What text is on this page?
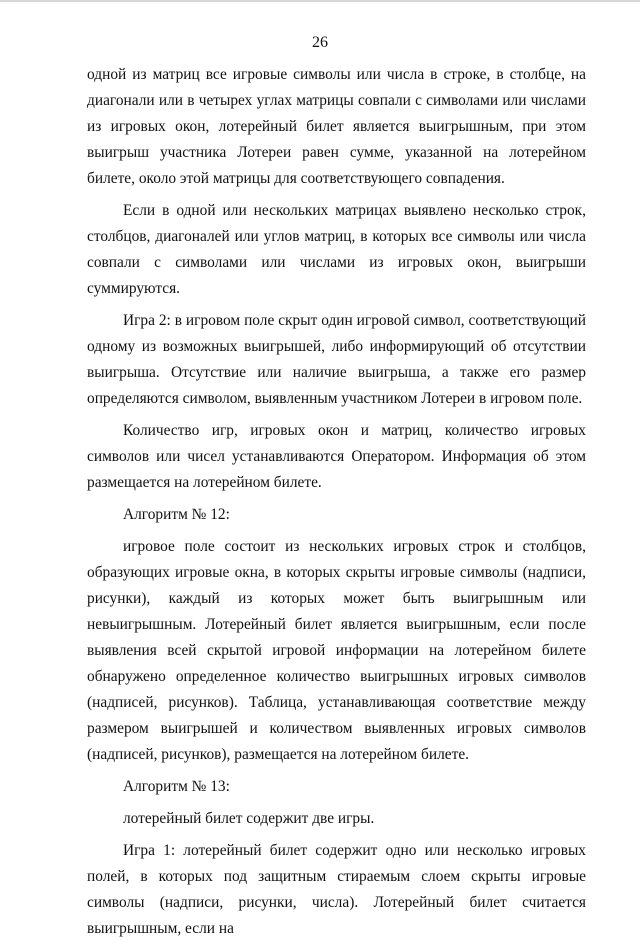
26

одной из матриц все игровые символы или числа в строке, в столбце, на диагонали или в четырех углах матрицы совпали с символами или числами из игровых окон, лотерейный билет является выигрышным, при этом выигрыш участника Лотереи равен сумме, указанной на лотерейном билете, около этой матрицы для соответствующего совпадения.

Если в одной или нескольких матрицах выявлено несколько строк, столбцов, диагоналей или углов матриц, в которых все символы или числа совпали с символами или числами из игровых окон, выигрыши суммируются.

Игра 2: в игровом поле скрыт один игровой символ, соответствующий одному из возможных выигрышей, либо информирующий об отсутствии выигрыша. Отсутствие или наличие выигрыша, а также его размер определяются символом, выявленным участником Лотереи в игровом поле.

Количество игр, игровых окон и матриц, количество игровых символов или чисел устанавливаются Оператором. Информация об этом размещается на лотерейном билете.

Алгоритм № 12:

игровое поле состоит из нескольких игровых строк и столбцов, образующих игровые окна, в которых скрыты игровые символы (надписи, рисунки), каждый из которых может быть выигрышным или невыигрышным. Лотерейный билет является выигрышным, если после выявления всей скрытой игровой информации на лотерейном билете обнаружено определенное количество выигрышных игровых символов (надписей, рисунков). Таблица, устанавливающая соответствие между размером выигрышей и количеством выявленных игровых символов (надписей, рисунков), размещается на лотерейном билете.

Алгоритм № 13:

лотерейный билет содержит две игры.

Игра 1: лотерейный билет содержит одно или несколько игровых полей, в которых под защитным стираемым слоем скрыты игровые символы (надписи, рисунки, числа). Лотерейный билет считается выигрышным, если на
